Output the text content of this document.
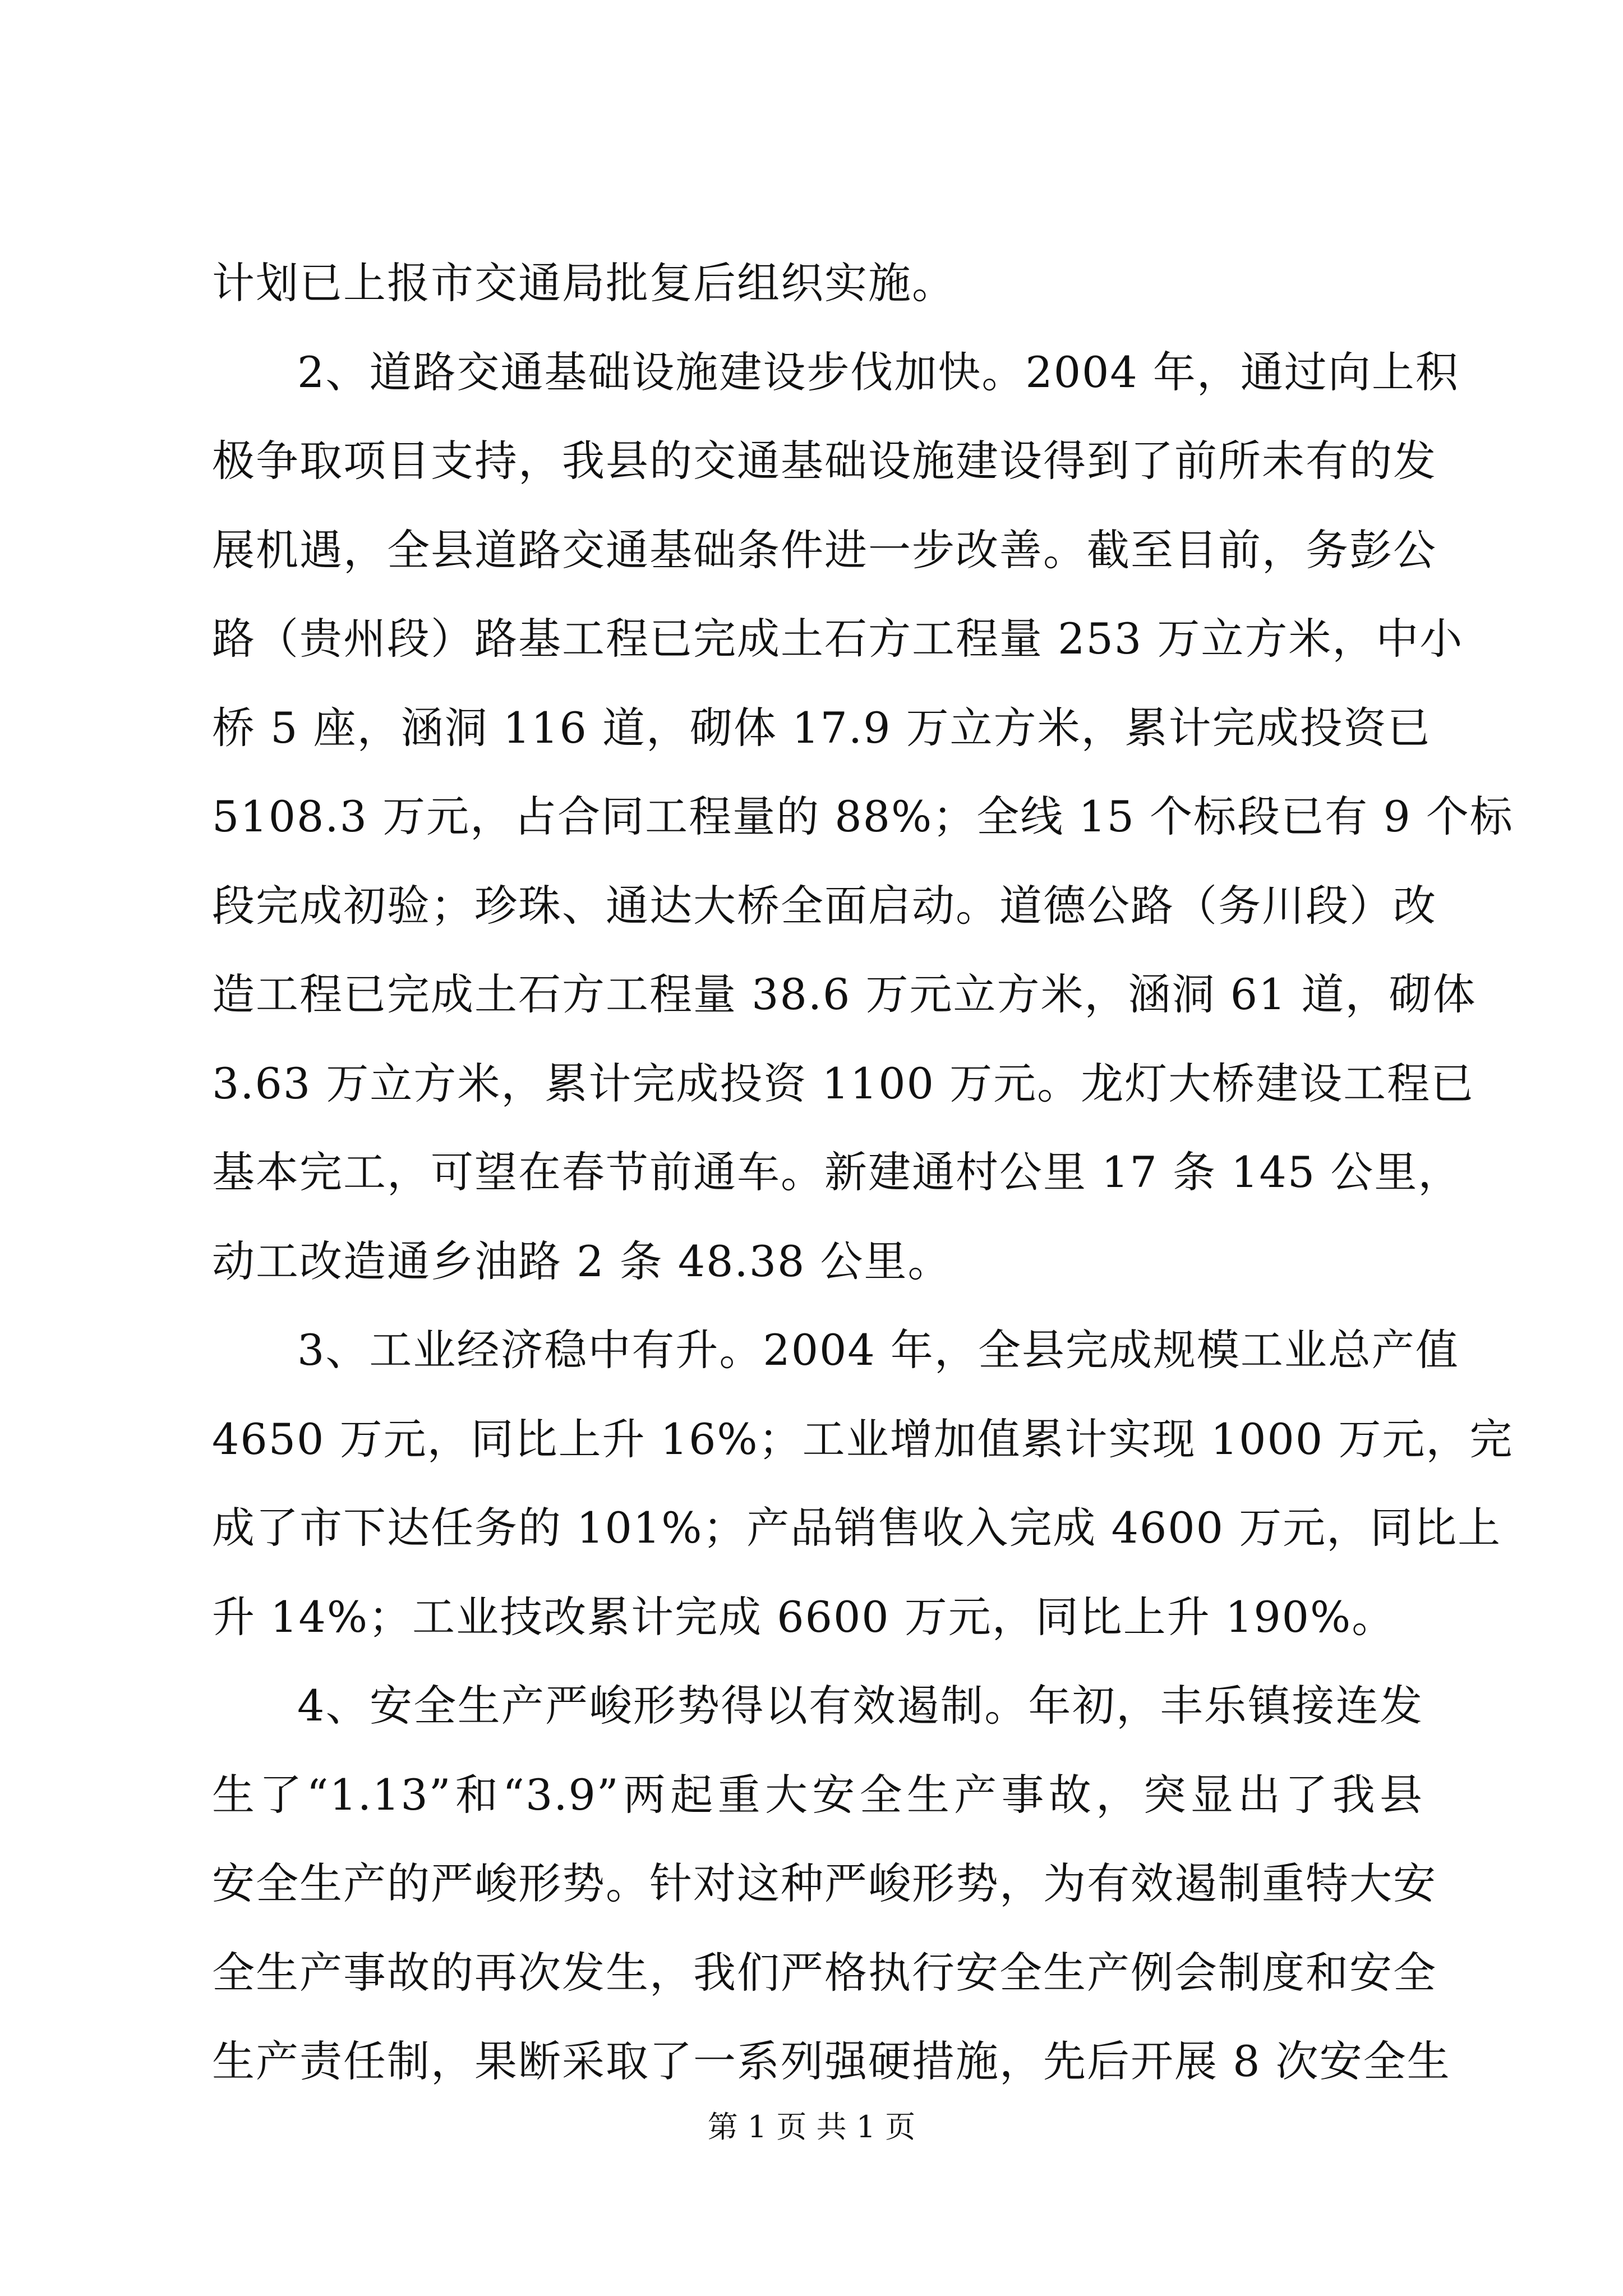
计划已上报市交通局批复后组织实施。
2、道路交通基础设施建设步伐加快。2004 年，通过向上积
极争取项目支持，我县的交通基础设施建设得到了前所未有的发
展机遇，全县道路交通基础条件进一步改善。截至目前，务彭公
路（贵州段）路基工程已完成土石方工程量 253 万立方米，中小
桥 5 座，涵洞 116 道，砌体 17.9 万立方米，累计完成投资已
5108.3 万元，占合同工程量的 88%；全线 15 个标段已有 9 个标
段完成初验；珍珠、通达大桥全面启动。道德公路（务川段）改
造工程已完成土石方工程量 38.6 万元立方米，涵洞 61 道，砌体
3.63 万立方米，累计完成投资 1100 万元。龙灯大桥建设工程已
基本完工，可望在春节前通车。新建通村公里 17 条 145 公里，
动工改造通乡油路 2 条 48.38 公里。
3、工业经济稳中有升。2004 年，全县完成规模工业总产值
4650 万元，同比上升 16%；工业增加值累计实现 1000 万元，完
成了市下达任务的 101%；产品销售收入完成 4600 万元，同比上
升 14%；工业技改累计完成 6600 万元，同比上升 190%。
4、安全生产严峻形势得以有效遏制。年初，丰乐镇接连发
生了“1.13”和“3.9”两起重大安全生产事故，突显出了我县
安全生产的严峻形势。针对这种严峻形势，为有效遏制重特大安
全生产事故的再次发生，我们严格执行安全生产例会制度和安全
生产责任制，果断采取了一系列强硬措施，先后开展 8 次安全生
第 1 页 共 1 页
